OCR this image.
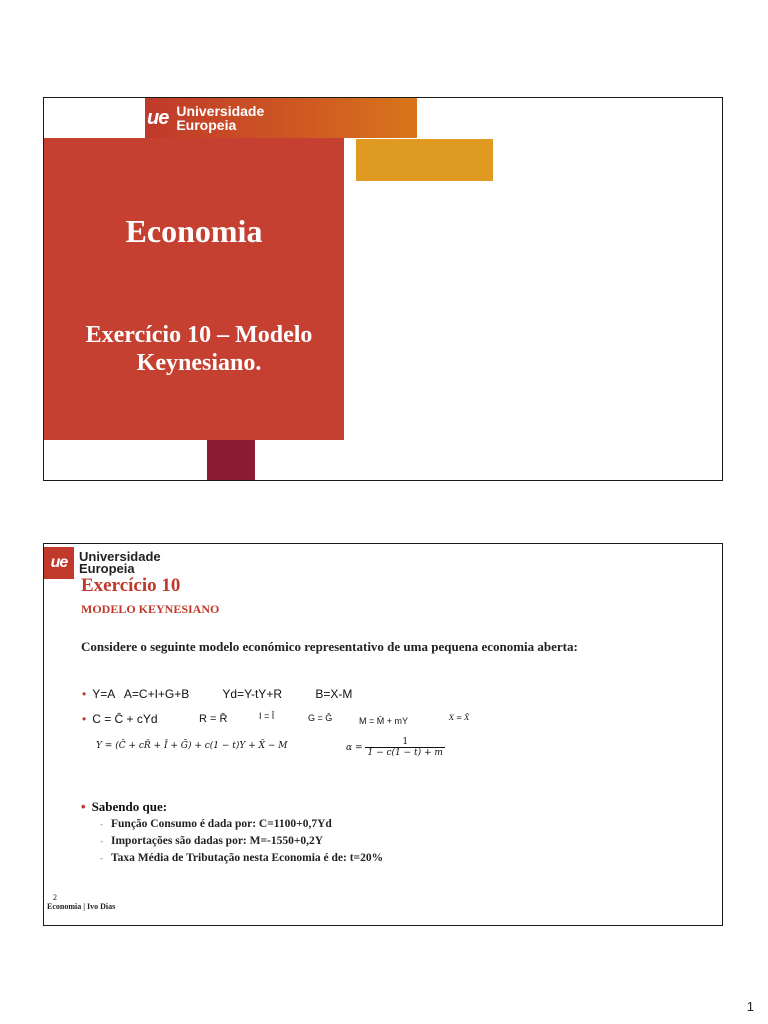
ue Universidade
Europeia
Economia
Exercício 10 – Modelo
Keynesiano.
ue Universidade
Europeia
Exercício 10
MODELO KEYNESIANO
Considere o seguinte modelo económico representativo de uma pequena economia aberta:
• Y=A   A=C+I+G+B          Yd=Y-tY+R          B=X-M
• C = C̄ + cYd	R = R̄	I = Ī	G = Ḡ	M = M̄ + mY	X = X̄
Y = (C̄ + cR̄ + Ī + Ḡ) + c(1 − t)Y + X̄ − M	$\alpha = \frac{1}{1 - c(1 - t) + m}$
• Sabendo que:
- Função Consumo é dada por: C=1100+0,7Yd
- Importações são dadas por: M=-1550+0,2Y
- Taxa Média de Tributação nesta Economia é de: t=20%
2
Economia | Ivo Dias
1
